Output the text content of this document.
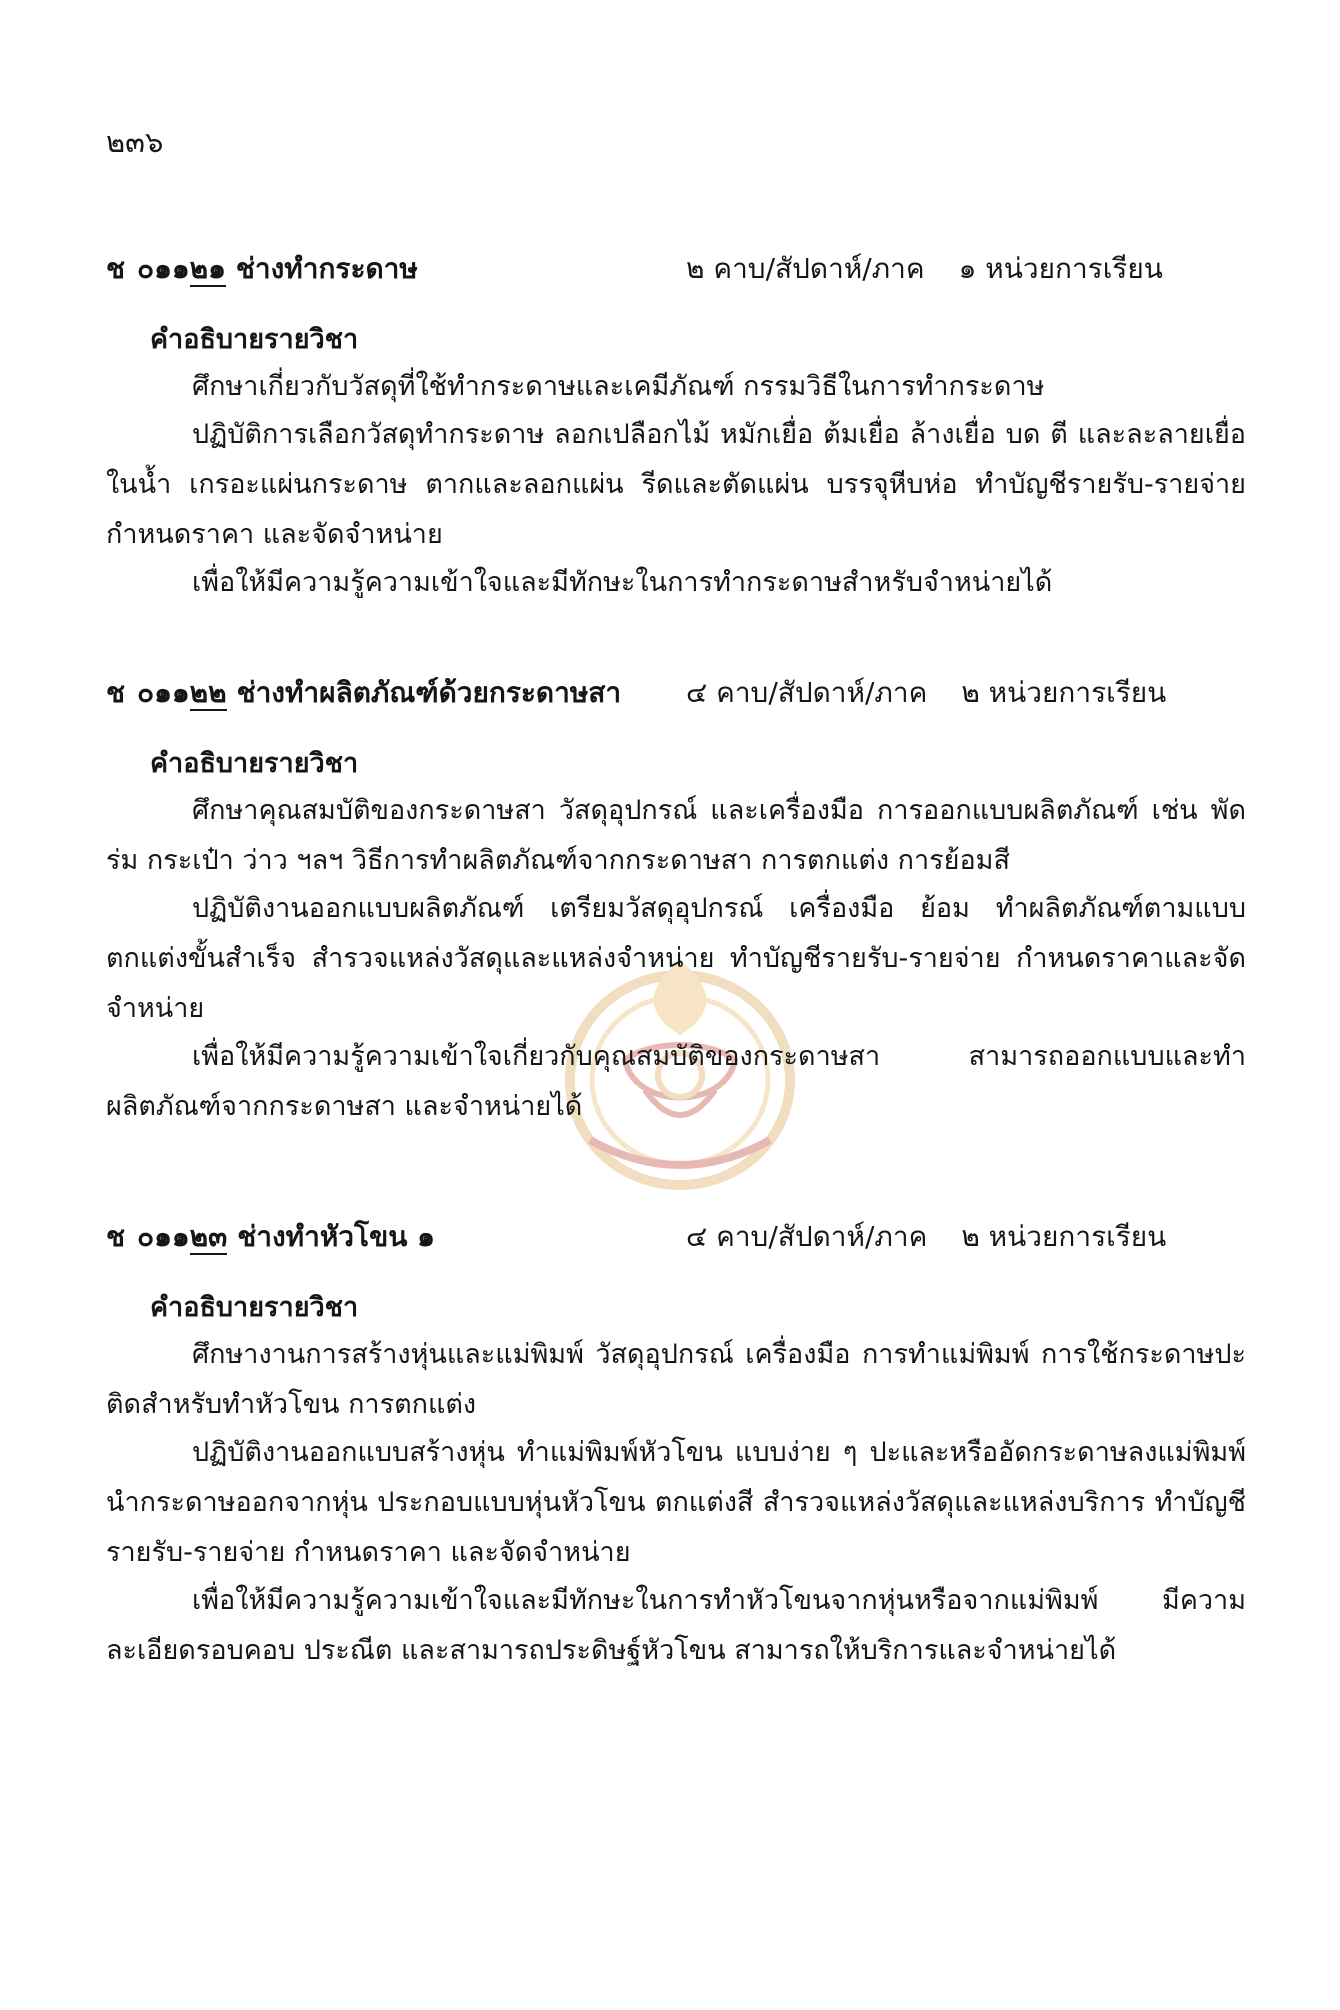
๒๓๖
ช ๐๑๑๒๑ ช่างทำกระดาษ	๒ คาบ/สัปดาห์/ภาค ๑ หน่วยการเรียน
คำอธิบายรายวิชา

ศึกษาเกี่ยวกับวัสดุที่ใช้ทำกระดาษและเคมีภัณฑ์ กรรมวิธีในการทำกระดาษ

ปฏิบัติการเลือกวัสดุทำกระดาษ ลอกเปลือกไม้ หมักเยื่อ ต้มเยื่อ ล้างเยื่อ บด ตี และละลายเยื่อในน้ำ เกรอะแผ่นกระดาษ ตากและลอกแผ่น รีดและตัดแผ่น บรรจุหีบห่อ ทำบัญชีรายรับ-รายจ่าย กำหนดราคา และจัดจำหน่าย

เพื่อให้มีความรู้ความเข้าใจและมีทักษะในการทำกระดาษสำหรับจำหน่ายได้

ช ๐๑๑๒๒ ช่างทำผลิตภัณฑ์ด้วยกระดาษสา ๔ คาบ/สัปดาห์/ภาค ๒ หน่วยการเรียน
คำอธิบายรายวิชา

ศึกษาคุณสมบัติของกระดาษสา วัสดุอุปกรณ์ และเครื่องมือ การออกแบบผลิตภัณฑ์ เช่น พัด ร่ม กระเป๋า ว่าว ฯลฯ วิธีการทำผลิตภัณฑ์จากกระดาษสา การตกแต่ง การย้อมสี

ปฏิบัติงานออกแบบผลิตภัณฑ์ เตรียมวัสดุอุปกรณ์ เครื่องมือ ย้อม ทำผลิตภัณฑ์ตามแบบ ตกแต่งขั้นสำเร็จ สำรวจแหล่งวัสดุและแหล่งจำหน่าย ทำบัญชีรายรับ-รายจ่าย กำหนดราคาและจัดจำหน่าย

เพื่อให้มีความรู้ความเข้าใจเกี่ยวกับคุณสมบัติของกระดาษสา สามารถออกแบบและทำผลิตภัณฑ์จากกระดาษสา และจำหน่ายได้

ช ๐๑๑๒๓ ช่างทำหัวโขน ๑	๔ คาบ/สัปดาห์/ภาค ๒ หน่วยการเรียน
คำอธิบายรายวิชา

ศึกษางานการสร้างหุ่นและแม่พิมพ์ วัสดุอุปกรณ์ เครื่องมือ การทำแม่พิมพ์ การใช้กระดาษปะติดสำหรับทำหัวโขน การตกแต่ง

ปฏิบัติงานออกแบบสร้างหุ่น ทำแม่พิมพ์หัวโขน แบบง่าย ๆ ปะและหรืออัดกระดาษลงแม่พิมพ์ นำกระดาษออกจากหุ่น ประกอบแบบหุ่นหัวโขน ตกแต่งสี สำรวจแหล่งวัสดุและแหล่งบริการ ทำบัญชีรายรับ-รายจ่าย กำหนดราคา และจัดจำหน่าย

เพื่อให้มีความรู้ความเข้าใจและมีทักษะในการทำหัวโขนจากหุ่นหรือจากแม่พิมพ์ มีความละเอียดรอบคอบ ประณีต และสามารถประดิษฐ์หัวโขน สามารถให้บริการและจำหน่ายได้
